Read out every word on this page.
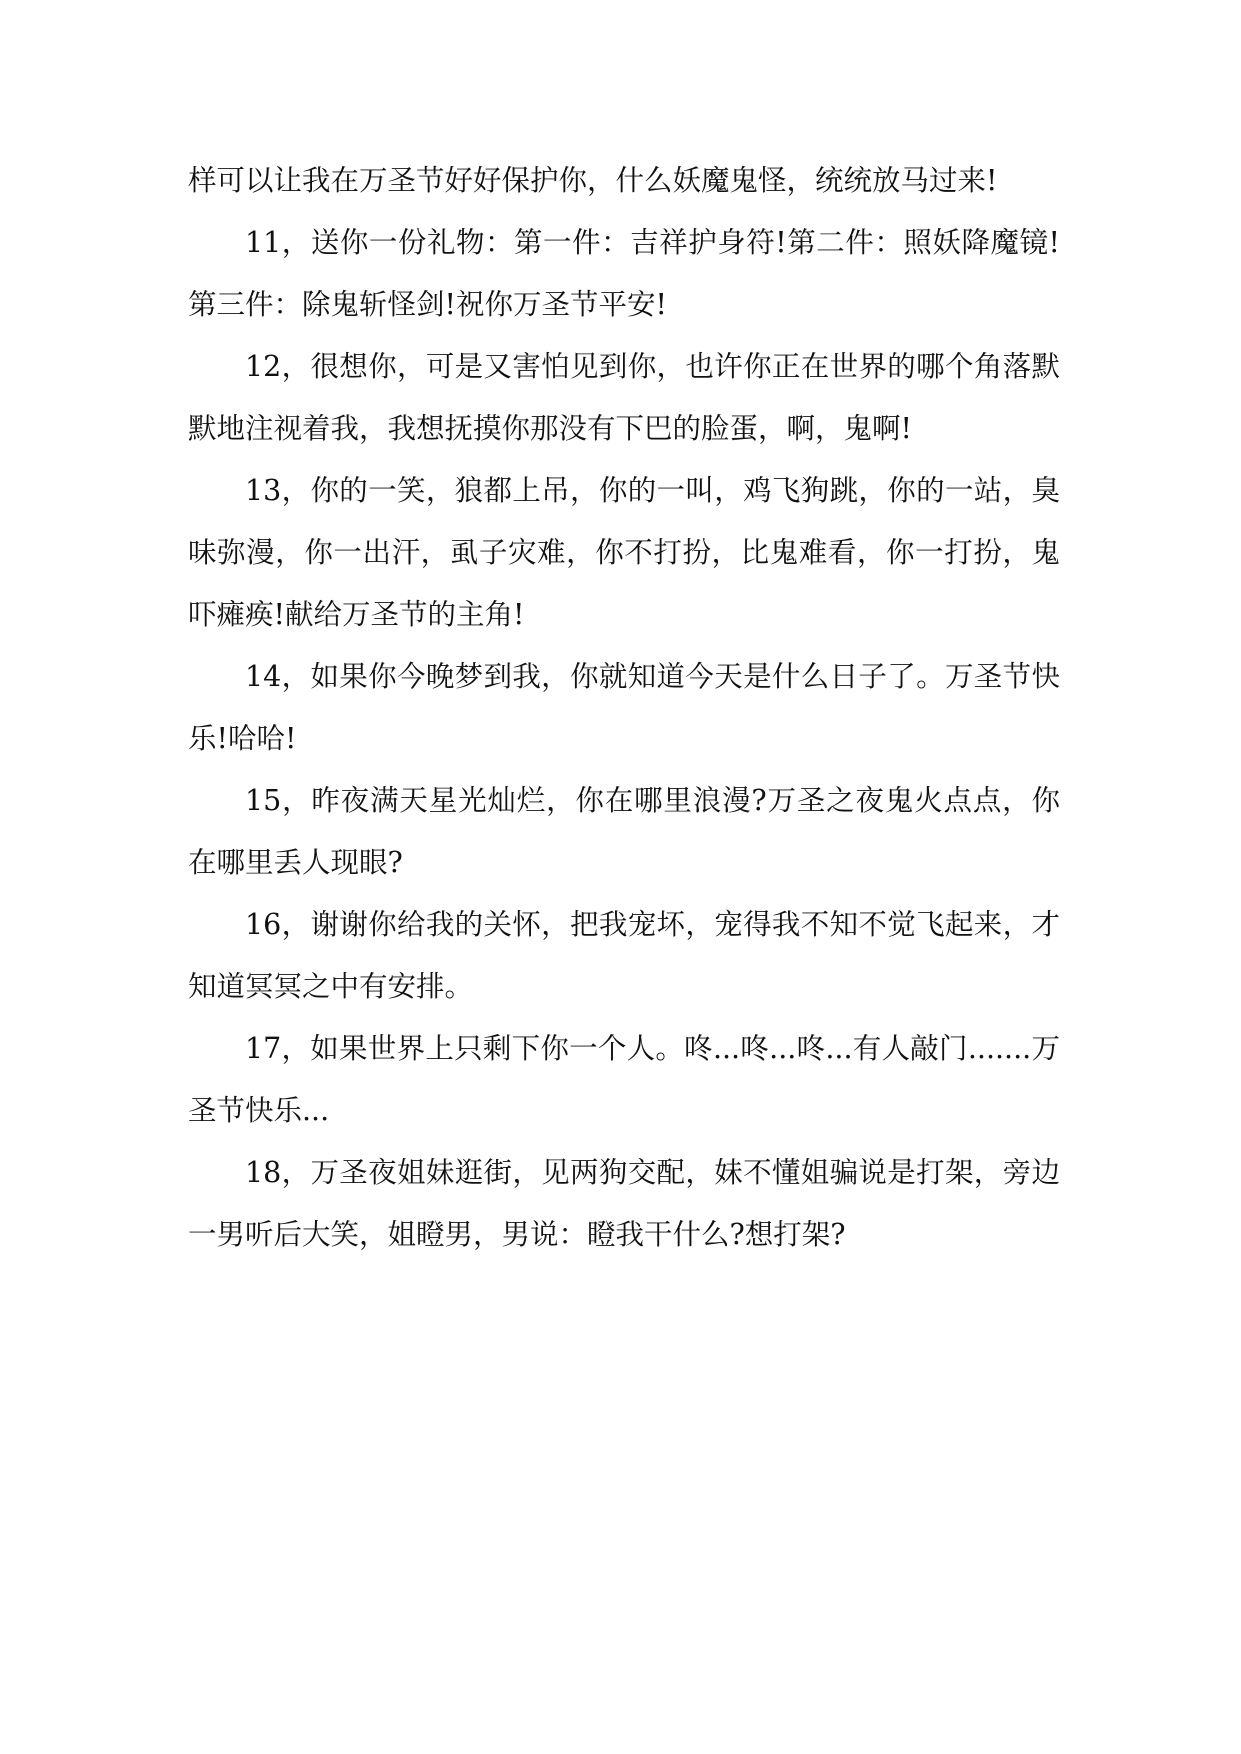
样可以让我在万圣节好好保护你，什么妖魔鬼怪，统统放马过来!

11，送你一份礼物：第一件：吉祥护身符!第二件：照妖降魔镜!第三件：除鬼斩怪剑!祝你万圣节平安!

12，很想你，可是又害怕见到你，也许你正在世界的哪个角落默默地注视着我，我想抚摸你那没有下巴的脸蛋，啊，鬼啊!

13，你的一笑，狼都上吊，你的一叫，鸡飞狗跳，你的一站，臭味弥漫，你一出汗，虱子灾难，你不打扮，比鬼难看，你一打扮，鬼吓瘫痪!献给万圣节的主角!

14，如果你今晚梦到我，你就知道今天是什么日子了。万圣节快乐!哈哈!

15，昨夜满天星光灿烂，你在哪里浪漫?万圣之夜鬼火点点，你在哪里丢人现眼?

16，谢谢你给我的关怀，把我宠坏，宠得我不知不觉飞起来，才知道冥冥之中有安排。

17，如果世界上只剩下你一个人。咚...咚...咚...有人敲门.......万圣节快乐...

18，万圣夜姐妹逛街，见两狗交配，妹不懂姐骗说是打架，旁边一男听后大笑，姐瞪男，男说：瞪我干什么?想打架?
